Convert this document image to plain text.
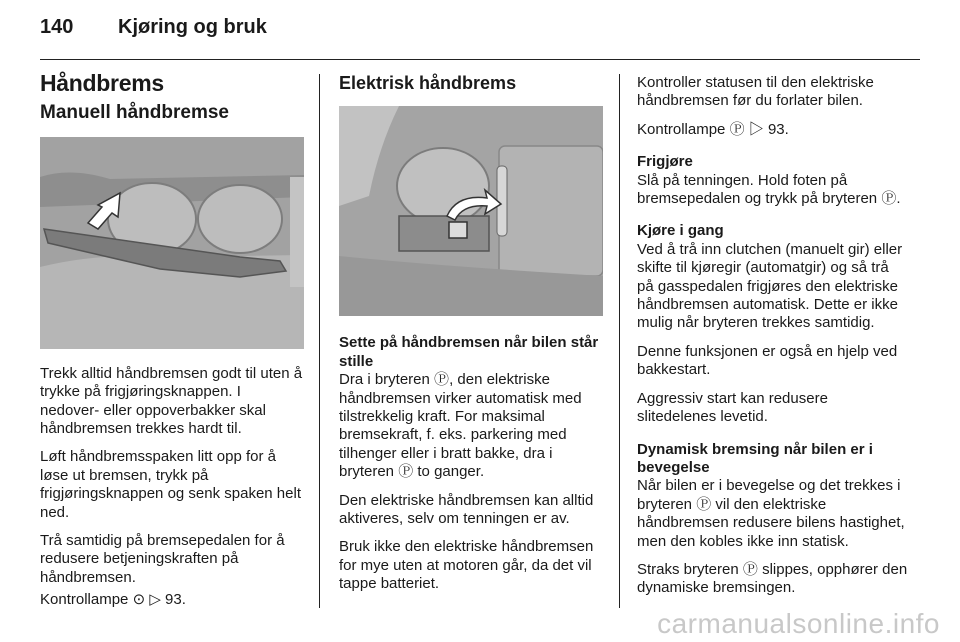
140 Kjøring og bruk
Håndbrems
Manuell håndbremse

Trekk alltid håndbremsen godt til uten å trykke på frigjøringsknappen. I nedover- eller oppoverbakker skal håndbremsen trekkes hardt til.

Løft håndbremsspaken litt opp for å løse ut bremsen, trykk på frigjøringsknappen og senk spaken helt ned.

Trå samtidig på bremsepedalen for å redusere betjeningskraften på håndbremsen.

Kontrollampe ⊙ ▷ 93.

Elektrisk håndbrems

Sette på håndbremsen når bilen står stille

Dra i bryteren Ⓟ, den elektriske håndbremsen virker automatisk med tilstrekkelig kraft. For maksimal bremsekraft, f. eks. parkering med tilhenger eller i bratt bakke, dra i bryteren Ⓟ to ganger.

Den elektriske håndbremsen kan alltid aktiveres, selv om tenningen er av.

Bruk ikke den elektriske håndbremsen for mye uten at motoren går, da det vil tappe batteriet.

Kontroller statusen til den elektriske håndbremsen før du forlater bilen.

Kontrollampe Ⓟ ▷ 93.

Frigjøre

Slå på tenningen. Hold foten på bremsepedalen og trykk på bryteren Ⓟ.

Kjøre i gang

Ved å trå inn clutchen (manuelt gir) eller skifte til kjøregir (automatgir) og så trå på gasspedalen frigjøres den elektriske håndbremsen automatisk. Dette er ikke mulig når bryteren trekkes samtidig.

Denne funksjonen er også en hjelp ved bakkestart.

Aggressiv start kan redusere slitedelenes levetid.

Dynamisk bremsing når bilen er i bevegelse

Når bilen er i bevegelse og det trekkes i bryteren Ⓟ vil den elektriske håndbremsen redusere bilens hastighet, men den kobles ikke inn statisk.

Straks bryteren Ⓟ slippes, opphører den dynamiske bremsingen.

carmanualsonline.info
